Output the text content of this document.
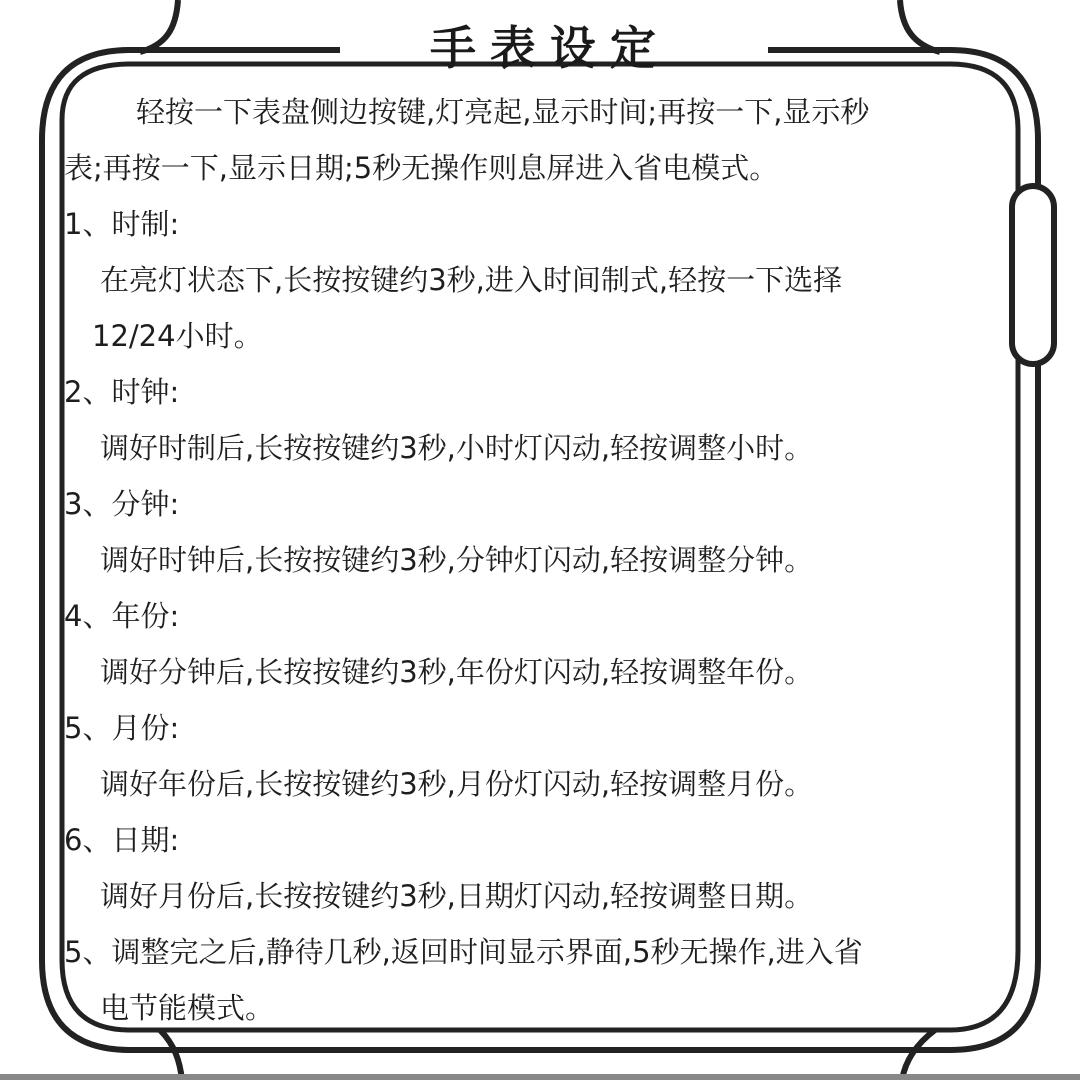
手表设定
轻按一下表盘侧边按键,灯亮起,显示时间;再按一下,显示秒
表;再按一下,显示日期;5秒无操作则息屏进入省电模式。
1、时制:
在亮灯状态下,长按按键约3秒,进入时间制式,轻按一下选择
12/24小时。
2、时钟:
调好时制后,长按按键约3秒,小时灯闪动,轻按调整小时。
3、分钟:
调好时钟后,长按按键约3秒,分钟灯闪动,轻按调整分钟。
4、年份:
调好分钟后,长按按键约3秒,年份灯闪动,轻按调整年份。
5、月份:
调好年份后,长按按键约3秒,月份灯闪动,轻按调整月份。
6、日期:
调好月份后,长按按键约3秒,日期灯闪动,轻按调整日期。
5、调整完之后,静待几秒,返回时间显示界面,5秒无操作,进入省
电节能模式。
